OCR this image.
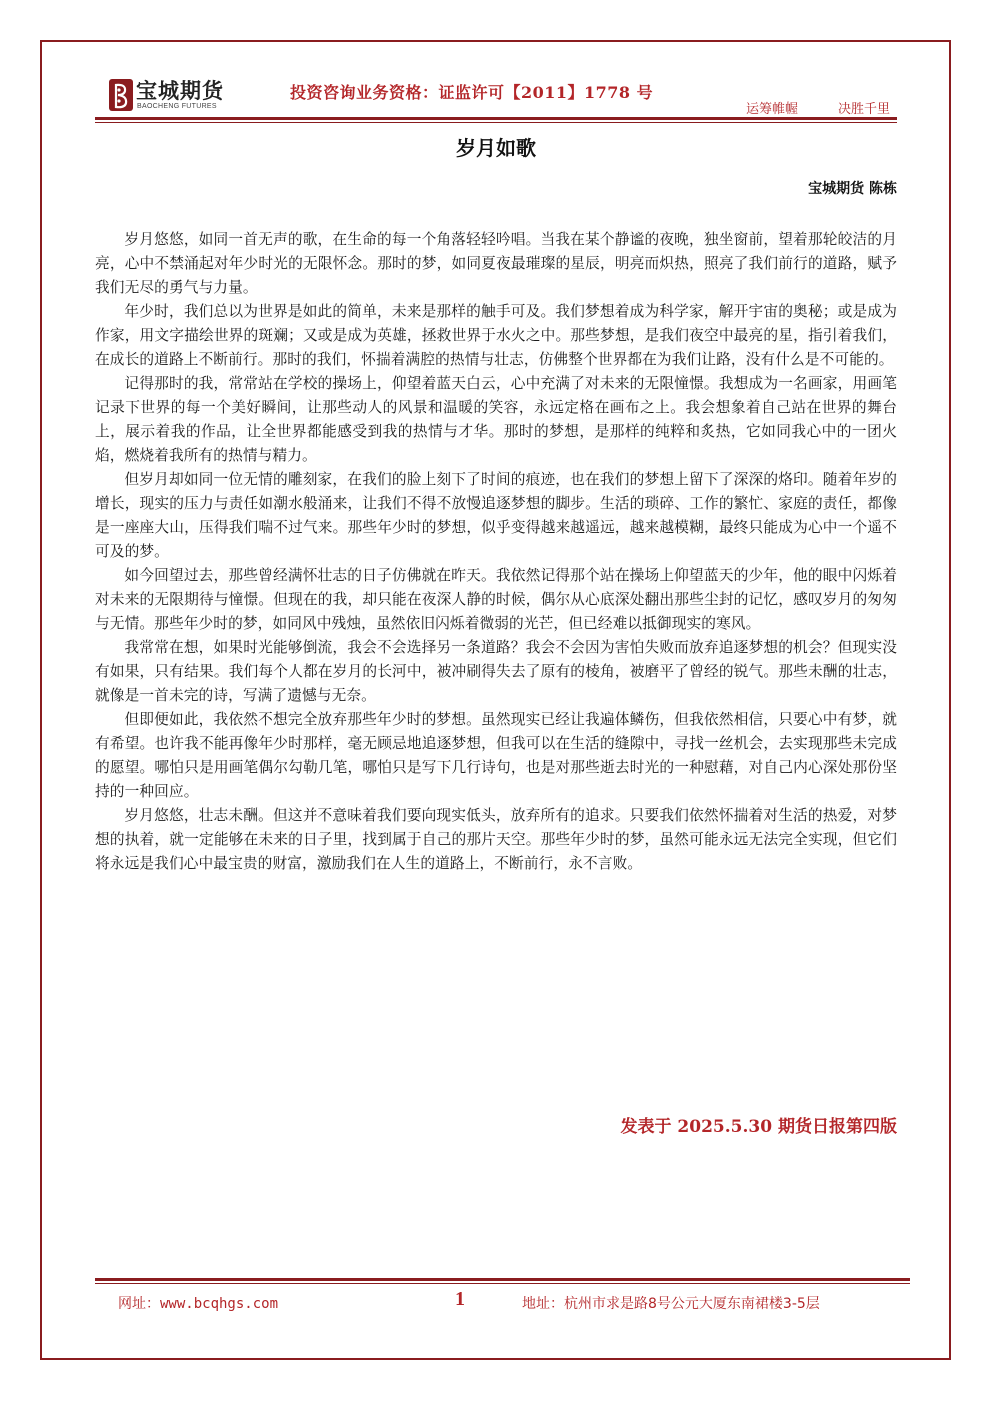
宝城期货
BAOCHENG FUTURES
投资咨询业务资格：证监许可【2011】1778 号
运筹帷幄	决胜千里
岁月如歌
宝城期货 陈栋

岁月悠悠，如同一首无声的歌，在生命的每一个角落轻轻吟唱。当我在某个静谧的夜晚，独坐窗前，望着那轮皎洁的月亮，心中不禁涌起对年少时光的无限怀念。那时的梦，如同夏夜最璀璨的星辰，明亮而炽热，照亮了我们前行的道路，赋予我们无尽的勇气与力量。

年少时，我们总以为世界是如此的简单，未来是那样的触手可及。我们梦想着成为科学家，解开宇宙的奥秘；或是成为作家，用文字描绘世界的斑斓；又或是成为英雄，拯救世界于水火之中。那些梦想，是我们夜空中最亮的星，指引着我们，在成长的道路上不断前行。那时的我们，怀揣着满腔的热情与壮志，仿佛整个世界都在为我们让路，没有什么是不可能的。

记得那时的我，常常站在学校的操场上，仰望着蓝天白云，心中充满了对未来的无限憧憬。我想成为一名画家，用画笔记录下世界的每一个美好瞬间，让那些动人的风景和温暖的笑容，永远定格在画布之上。我会想象着自己站在世界的舞台上，展示着我的作品，让全世界都能感受到我的热情与才华。那时的梦想，是那样的纯粹和炙热，它如同我心中的一团火焰，燃烧着我所有的热情与精力。

但岁月却如同一位无情的雕刻家，在我们的脸上刻下了时间的痕迹，也在我们的梦想上留下了深深的烙印。随着年岁的增长，现实的压力与责任如潮水般涌来，让我们不得不放慢追逐梦想的脚步。生活的琐碎、工作的繁忙、家庭的责任，都像是一座座大山，压得我们喘不过气来。那些年少时的梦想，似乎变得越来越遥远，越来越模糊，最终只能成为心中一个遥不可及的梦。

如今回望过去，那些曾经满怀壮志的日子仿佛就在昨天。我依然记得那个站在操场上仰望蓝天的少年，他的眼中闪烁着对未来的无限期待与憧憬。但现在的我，却只能在夜深人静的时候，偶尔从心底深处翻出那些尘封的记忆，感叹岁月的匆匆与无情。那些年少时的梦，如同风中残烛，虽然依旧闪烁着微弱的光芒，但已经难以抵御现实的寒风。

我常常在想，如果时光能够倒流，我会不会选择另一条道路？我会不会因为害怕失败而放弃追逐梦想的机会？但现实没有如果，只有结果。我们每个人都在岁月的长河中，被冲刷得失去了原有的棱角，被磨平了曾经的锐气。那些未酬的壮志，就像是一首未完的诗，写满了遗憾与无奈。

但即便如此，我依然不想完全放弃那些年少时的梦想。虽然现实已经让我遍体鳞伤，但我依然相信，只要心中有梦，就有希望。也许我不能再像年少时那样，毫无顾忌地追逐梦想，但我可以在生活的缝隙中，寻找一丝机会，去实现那些未完成的愿望。哪怕只是用画笔偶尔勾勒几笔，哪怕只是写下几行诗句，也是对那些逝去时光的一种慰藉，对自己内心深处那份坚持的一种回应。

岁月悠悠，壮志未酬。但这并不意味着我们要向现实低头，放弃所有的追求。只要我们依然怀揣着对生活的热爱，对梦想的执着，就一定能够在未来的日子里，找到属于自己的那片天空。那些年少时的梦，虽然可能永远无法完全实现，但它们将永远是我们心中最宝贵的财富，激励我们在人生的道路上，不断前行，永不言败。

发表于 2025.5.30 期货日报第四版
网址：www.bcqhgs.com	1	地址：杭州市求是路8号公元大厦东南裙楼3-5层
